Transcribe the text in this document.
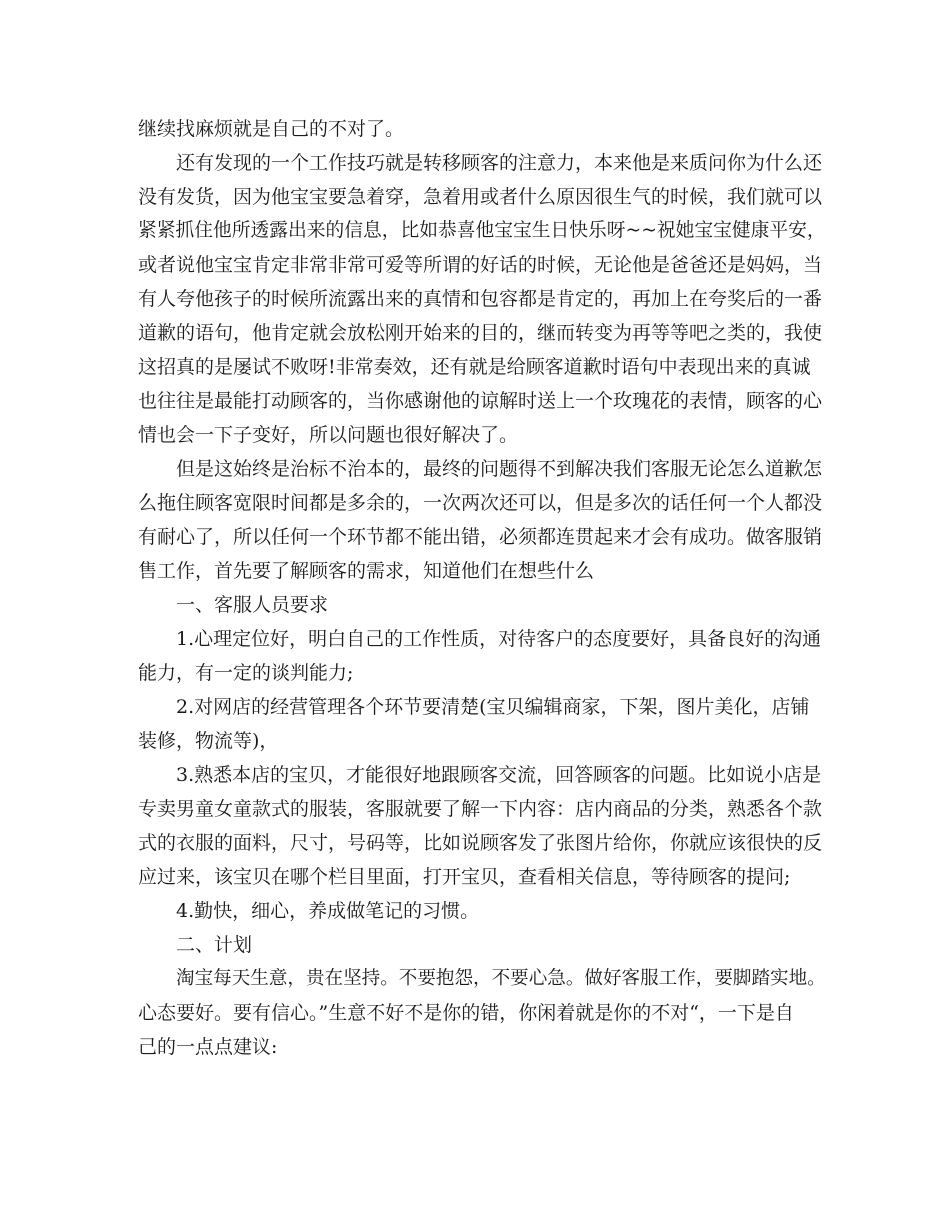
继续找麻烦就是自己的不对了。
还有发现的一个工作技巧就是转移顾客的注意力，本来他是来质问你为什么还
没有发货，因为他宝宝要急着穿，急着用或者什么原因很生气的时候，我们就可以
紧紧抓住他所透露出来的信息，比如恭喜他宝宝生日快乐呀~~祝她宝宝健康平安，
或者说他宝宝肯定非常非常可爱等所谓的好话的时候，无论他是爸爸还是妈妈，当
有人夸他孩子的时候所流露出来的真情和包容都是肯定的，再加上在夸奖后的一番
道歉的语句，他肯定就会放松刚开始来的目的，继而转变为再等等吧之类的，我使
这招真的是屡试不败呀!非常奏效，还有就是给顾客道歉时语句中表现出来的真诚
也往往是最能打动顾客的，当你感谢他的谅解时送上一个玫瑰花的表情，顾客的心
情也会一下子变好，所以问题也很好解决了。
但是这始终是治标不治本的，最终的问题得不到解决我们客服无论怎么道歉怎
么拖住顾客宽限时间都是多余的，一次两次还可以，但是多次的话任何一个人都没
有耐心了，所以任何一个环节都不能出错，必须都连贯起来才会有成功。做客服销
售工作，首先要了解顾客的需求，知道他们在想些什么
一、客服人员要求
1.心理定位好，明白自己的工作性质，对待客户的态度要好，具备良好的沟通
能力，有一定的谈判能力;
2.对网店的经营管理各个环节要清楚(宝贝编辑商家，下架，图片美化，店铺
装修，物流等)，
3.熟悉本店的宝贝，才能很好地跟顾客交流，回答顾客的问题。比如说小店是
专卖男童女童款式的服装，客服就要了解一下内容：店内商品的分类，熟悉各个款
式的衣服的面料，尺寸，号码等，比如说顾客发了张图片给你，你就应该很快的反
应过来，该宝贝在哪个栏目里面，打开宝贝，查看相关信息，等待顾客的提问;
4.勤快，细心，养成做笔记的习惯。
二、计划
淘宝每天生意，贵在坚持。不要抱怨，不要心急。做好客服工作，要脚踏实地。
心态要好。要有信心。”生意不好不是你的错，你闲着就是你的不对“，一下是自
己的一点点建议:
